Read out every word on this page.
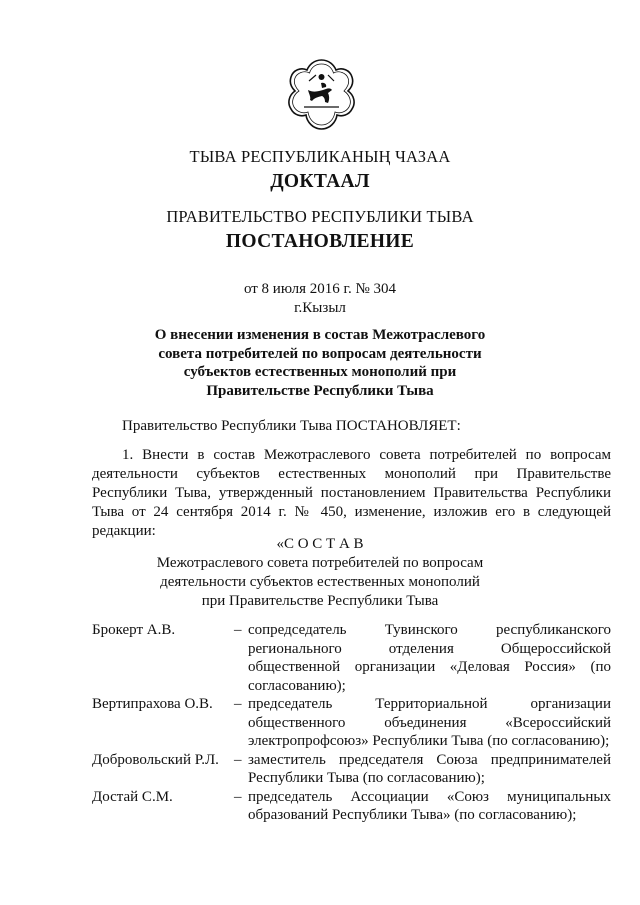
ТЫВА РЕСПУБЛИКАНЫҢ ЧАЗАА
ДОКТААЛ
ПРАВИТЕЛЬСТВО РЕСПУБЛИКИ ТЫВА
ПОСТАНОВЛЕНИЕ
от 8 июля 2016 г. № 304
г.Кызыл
О внесении изменения в состав Межотраслевого
совета потребителей по вопросам деятельности
субъектов естественных монополий при
Правительстве Республики Тыва
Правительство Республики Тыва ПОСТАНОВЛЯЕТ:
1. Внести в состав Межотраслевого совета потребителей по вопросам деятельности субъектов естественных монополий при Правительстве Республики Тыва, утвержденный постановлением Правительства Республики Тыва от 24 сентября 2014 г. № 450, изменение, изложив его в следующей редакции:
«С О С Т А В
Межотраслевого совета потребителей по вопросам
деятельности субъектов естественных монополий
при Правительстве Республики Тыва
Брокерт А.В.	– сопредседатель Тувинского республиканского регионального отделения Общероссийской общественной организации «Деловая Россия» (по согласованию);
Вертипрахова О.В.	– председатель Территориальной организации общественного объединения «Всероссийский электропрофсоюз» Республики Тыва (по согласованию);
Добровольский Р.Л.	– заместитель председателя Союза предпринимателей Республики Тыва (по согласованию);
Достай С.М.	– председатель Ассоциации «Союз муниципальных образований Республики Тыва» (по согласованию);
